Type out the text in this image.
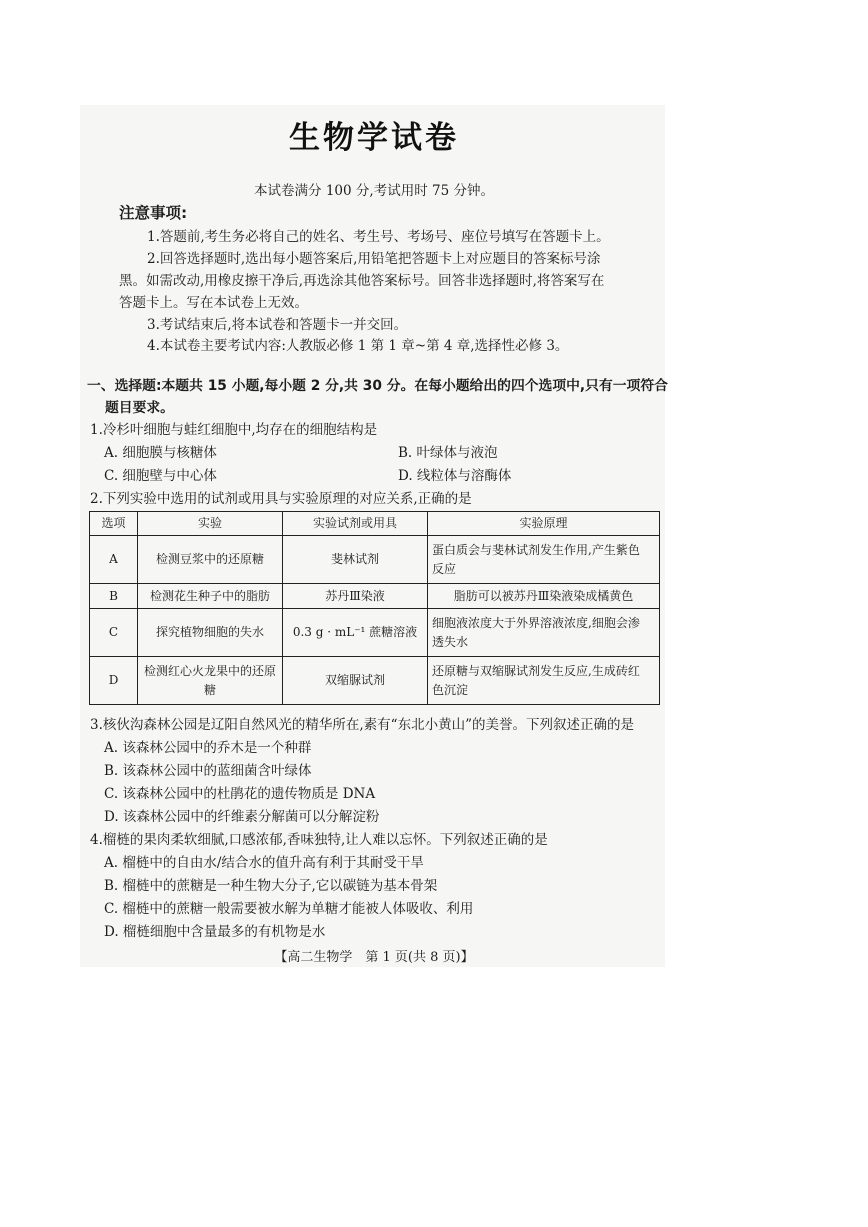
生物学试卷
本试卷满分 100 分,考试用时 75 分钟。
注意事项:
1.答题前,考生务必将自己的姓名、考生号、考场号、座位号填写在答题卡上。
2.回答选择题时,选出每小题答案后,用铅笔把答题卡上对应题目的答案标号涂
黑。如需改动,用橡皮擦干净后,再选涂其他答案标号。回答非选择题时,将答案写在
答题卡上。写在本试卷上无效。
3.考试结束后,将本试卷和答题卡一并交回。
4.本试卷主要考试内容:人教版必修 1 第 1 章~第 4 章,选择性必修 3。
一、选择题:本题共 15 小题,每小题 2 分,共 30 分。在每小题给出的四个选项中,只有一项符合
题目要求。
1.冷杉叶细胞与蛙红细胞中,均存在的细胞结构是
A. 细胞膜与核糖体	B. 叶绿体与液泡
C. 细胞壁与中心体	D. 线粒体与溶酶体
2.下列实验中选用的试剂或用具与实验原理的对应关系,正确的是
选项	实验	实验试剂或用具	实验原理
A	检测豆浆中的还原糖	斐林试剂	蛋白质会与斐林试剂发生作用,产生紫色
反应
B	检测花生种子中的脂肪	苏丹Ⅲ染液	脂肪可以被苏丹Ⅲ染液染成橘黄色
C	探究植物细胞的失水	0.3 g · mL⁻¹ 蔗糖溶液	细胞液浓度大于外界溶液浓度,细胞会渗
透失水
D	检测红心火龙果中的还原糖	双缩脲试剂	还原糖与双缩脲试剂发生反应,生成砖红
色沉淀
3.核伙沟森林公园是辽阳自然风光的精华所在,素有“东北小黄山”的美誉。下列叙述正确的是
A. 该森林公园中的乔木是一个种群
B. 该森林公园中的蓝细菌含叶绿体
C. 该森林公园中的杜鹃花的遗传物质是 DNA
D. 该森林公园中的纤维素分解菌可以分解淀粉
4.榴梿的果肉柔软细腻,口感浓郁,香味独特,让人难以忘怀。下列叙述正确的是
A. 榴梿中的自由水/结合水的值升高有利于其耐受干旱
B. 榴梿中的蔗糖是一种生物大分子,它以碳链为基本骨架
C. 榴梿中的蔗糖一般需要被水解为单糖才能被人体吸收、利用
D. 榴梿细胞中含量最多的有机物是水
【高二生物学　第 1 页(共 8 页)】
